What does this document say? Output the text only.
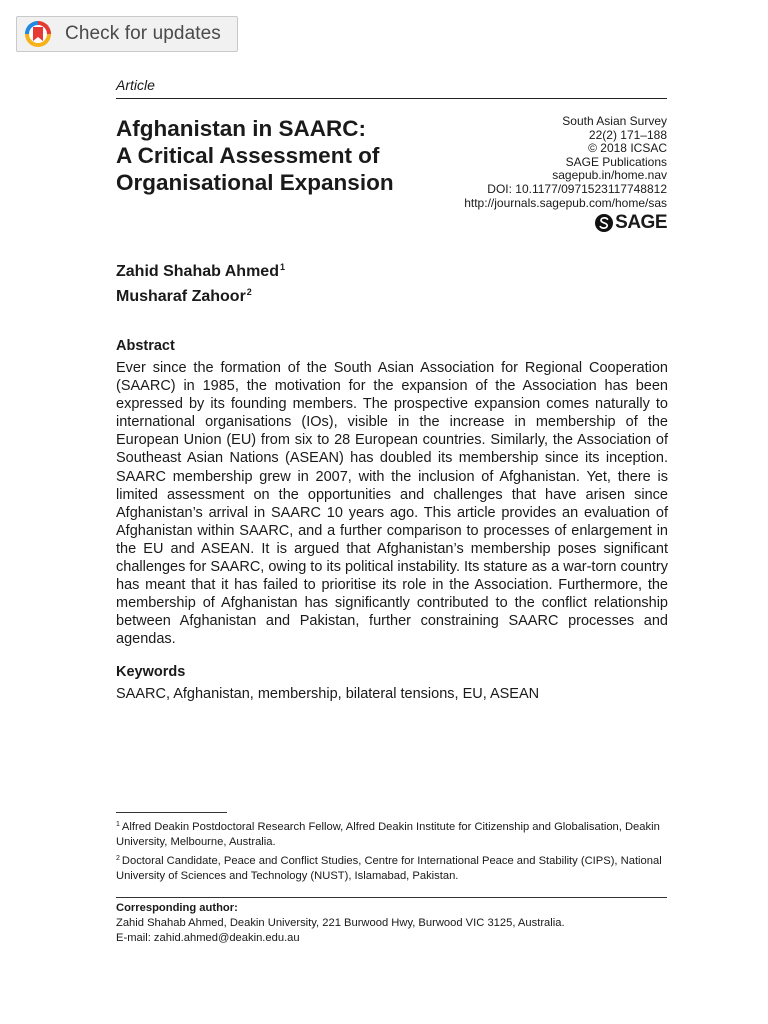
Check for updates
Article
Afghanistan in SAARC:
A Critical Assessment of
Organisational Expansion
South Asian Survey
22(2) 171–188
© 2018 ICSAC
SAGE Publications
sagepub.in/home.nav
DOI: 10.1177/0971523117748812
http://journals.sagepub.com/home/sas
SAGE
Zahid Shahab Ahmed$^1$
Musharaf Zahoor$^2$
Abstract

Ever since the formation of the South Asian Association for Regional Cooperation (SAARC) in 1985, the motivation for the expansion of the Association has been expressed by its founding members. The prospective expansion comes naturally to international organisations (IOs), visible in the increase in membership of the European Union (EU) from six to 28 European countries. Similarly, the Association of Southeast Asian Nations (ASEAN) has doubled its membership since its inception. SAARC membership grew in 2007, with the inclusion of Afghanistan. Yet, there is limited assessment on the opportunities and challenges that have arisen since Afghanistan’s arrival in SAARC 10 years ago. This article provides an evaluation of Afghanistan within SAARC, and a further comparison to processes of enlargement in the EU and ASEAN. It is argued that Afghanistan’s membership poses significant challenges for SAARC, owing to its political instability. Its stature as a war-torn country has meant that it has failed to prioritise its role in the Association. Furthermore, the membership of Afghanistan has significantly contributed to the conflict relationship between Afghanistan and Pakistan, further constraining SAARC processes and agendas.

Keywords
SAARC, Afghanistan, membership, bilateral tensions, EU, ASEAN

$^1$ Alfred Deakin Postdoctoral Research Fellow, Alfred Deakin Institute for Citizenship and Globalisation, Deakin University, Melbourne, Australia.

$^2$ Doctoral Candidate, Peace and Conflict Studies, Centre for International Peace and Stability (CIPS), National University of Sciences and Technology (NUST), Islamabad, Pakistan.

Corresponding author:
Zahid Shahab Ahmed, Deakin University, 221 Burwood Hwy, Burwood VIC 3125, Australia.
E-mail: zahid.ahmed@deakin.edu.au
